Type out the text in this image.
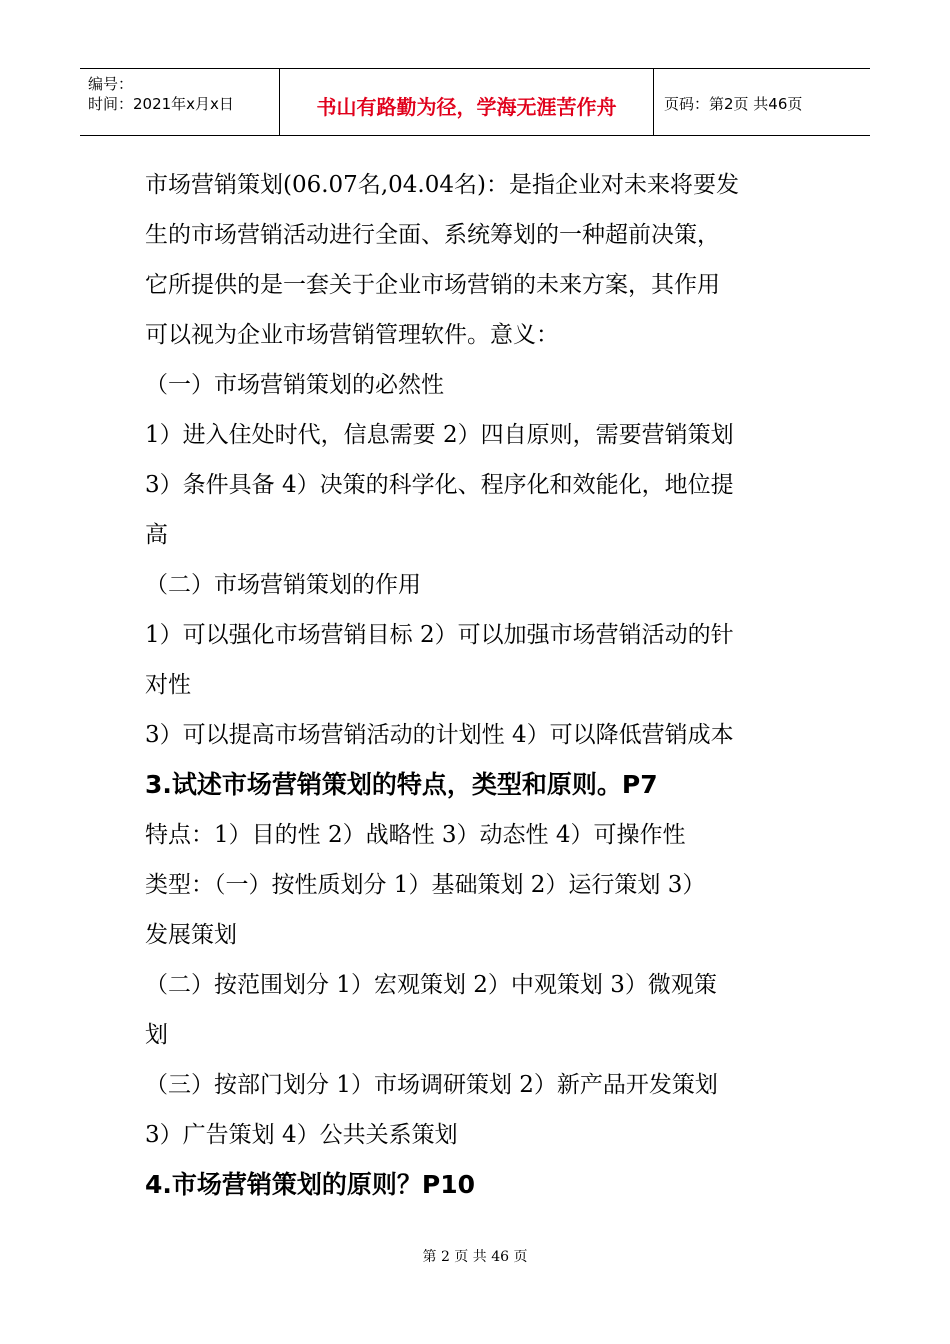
编号：
时间：2021年x月x日	书山有路勤为径，学海无涯苦作舟	页码：第2页 共46页
市场营销策划(06.07名,04.04名)：是指企业对未来将要发
生的市场营销活动进行全面、系统筹划的一种超前决策，
它所提供的是一套关于企业市场营销的未来方案，其作用
可以视为企业市场营销管理软件。意义：
（一）市场营销策划的必然性
1）进入住处时代，信息需要 2）四自原则，需要营销策划
3）条件具备 4）决策的科学化、程序化和效能化，地位提
高
（二）市场营销策划的作用
1）可以强化市场营销目标 2）可以加强市场营销活动的针
对性
3）可以提高市场营销活动的计划性 4）可以降低营销成本
3.试述市场营销策划的特点，类型和原则。P7
特点：1）目的性 2）战略性 3）动态性 4）可操作性
类型：（一）按性质划分 1）基础策划 2）运行策划 3）
发展策划
（二）按范围划分 1）宏观策划 2）中观策划 3）微观策
划
（三）按部门划分 1）市场调研策划 2）新产品开发策划
3）广告策划 4）公共关系策划
4.市场营销策划的原则？P10
第 2 页 共 46 页
